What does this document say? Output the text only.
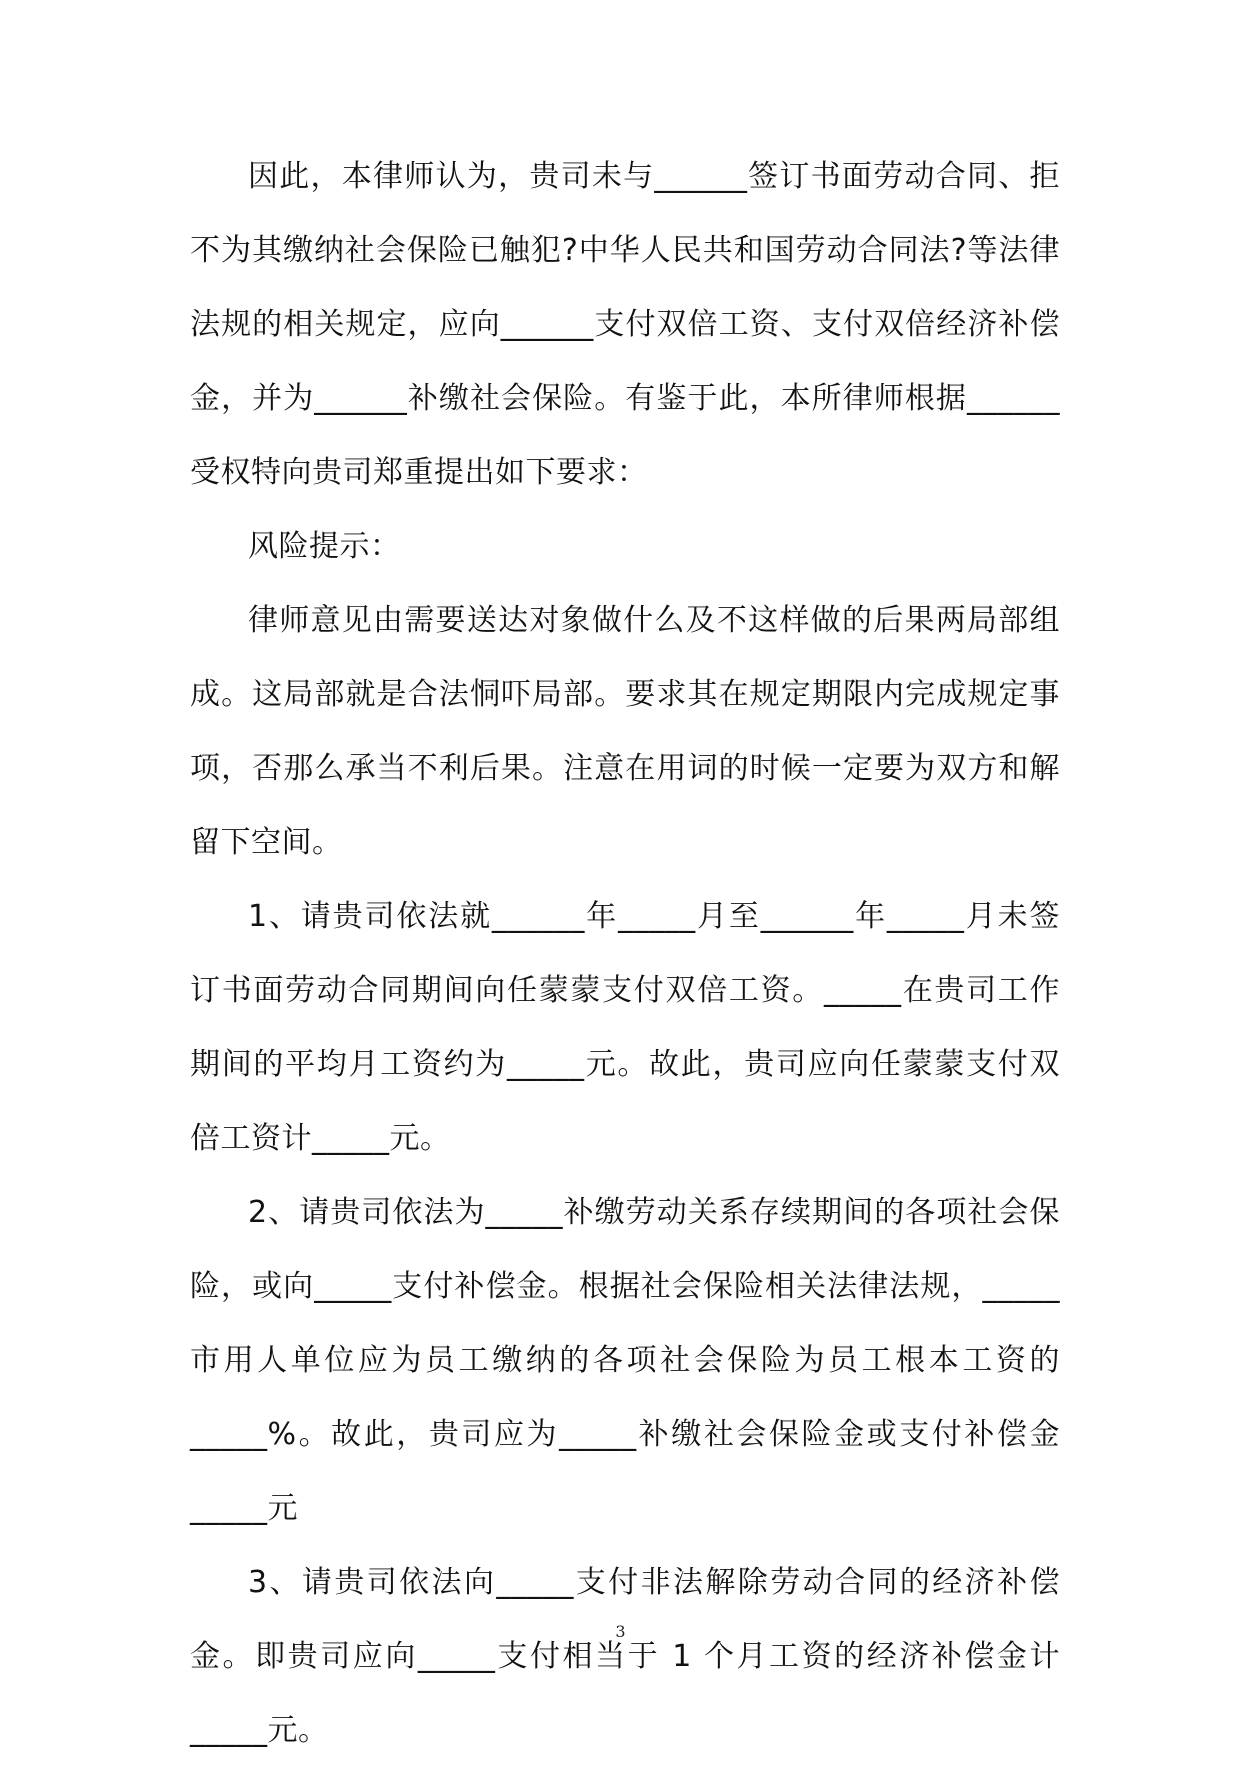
因此，本律师认为，贵司未与______签订书面劳动合同、拒不为其缴纳社会保险已触犯?中华人民共和国劳动合同法?等法律法规的相关规定，应向______支付双倍工资、支付双倍经济补偿金，并为______补缴社会保险。有鉴于此，本所律师根据______受权特向贵司郑重提出如下要求：

风险提示：

律师意见由需要送达对象做什么及不这样做的后果两局部组成。这局部就是合法恫吓局部。要求其在规定期限内完成规定事项，否那么承当不利后果。注意在用词的时候一定要为双方和解留下空间。

1、请贵司依法就______年_____月至______年_____月未签订书面劳动合同期间向任蒙蒙支付双倍工资。_____在贵司工作期间的平均月工资约为_____元。故此，贵司应向任蒙蒙支付双倍工资计_____元。

2、请贵司依法为_____补缴劳动关系存续期间的各项社会保险，或向_____支付补偿金。根据社会保险相关法律法规，_____市用人单位应为员工缴纳的各项社会保险为员工根本工资的_____%。故此，贵司应为_____补缴社会保险金或支付补偿金_____元

3、请贵司依法向_____支付非法解除劳动合同的经济补偿金。即贵司应向_____支付相当于 1 个月工资的经济补偿金计_____元。

3
